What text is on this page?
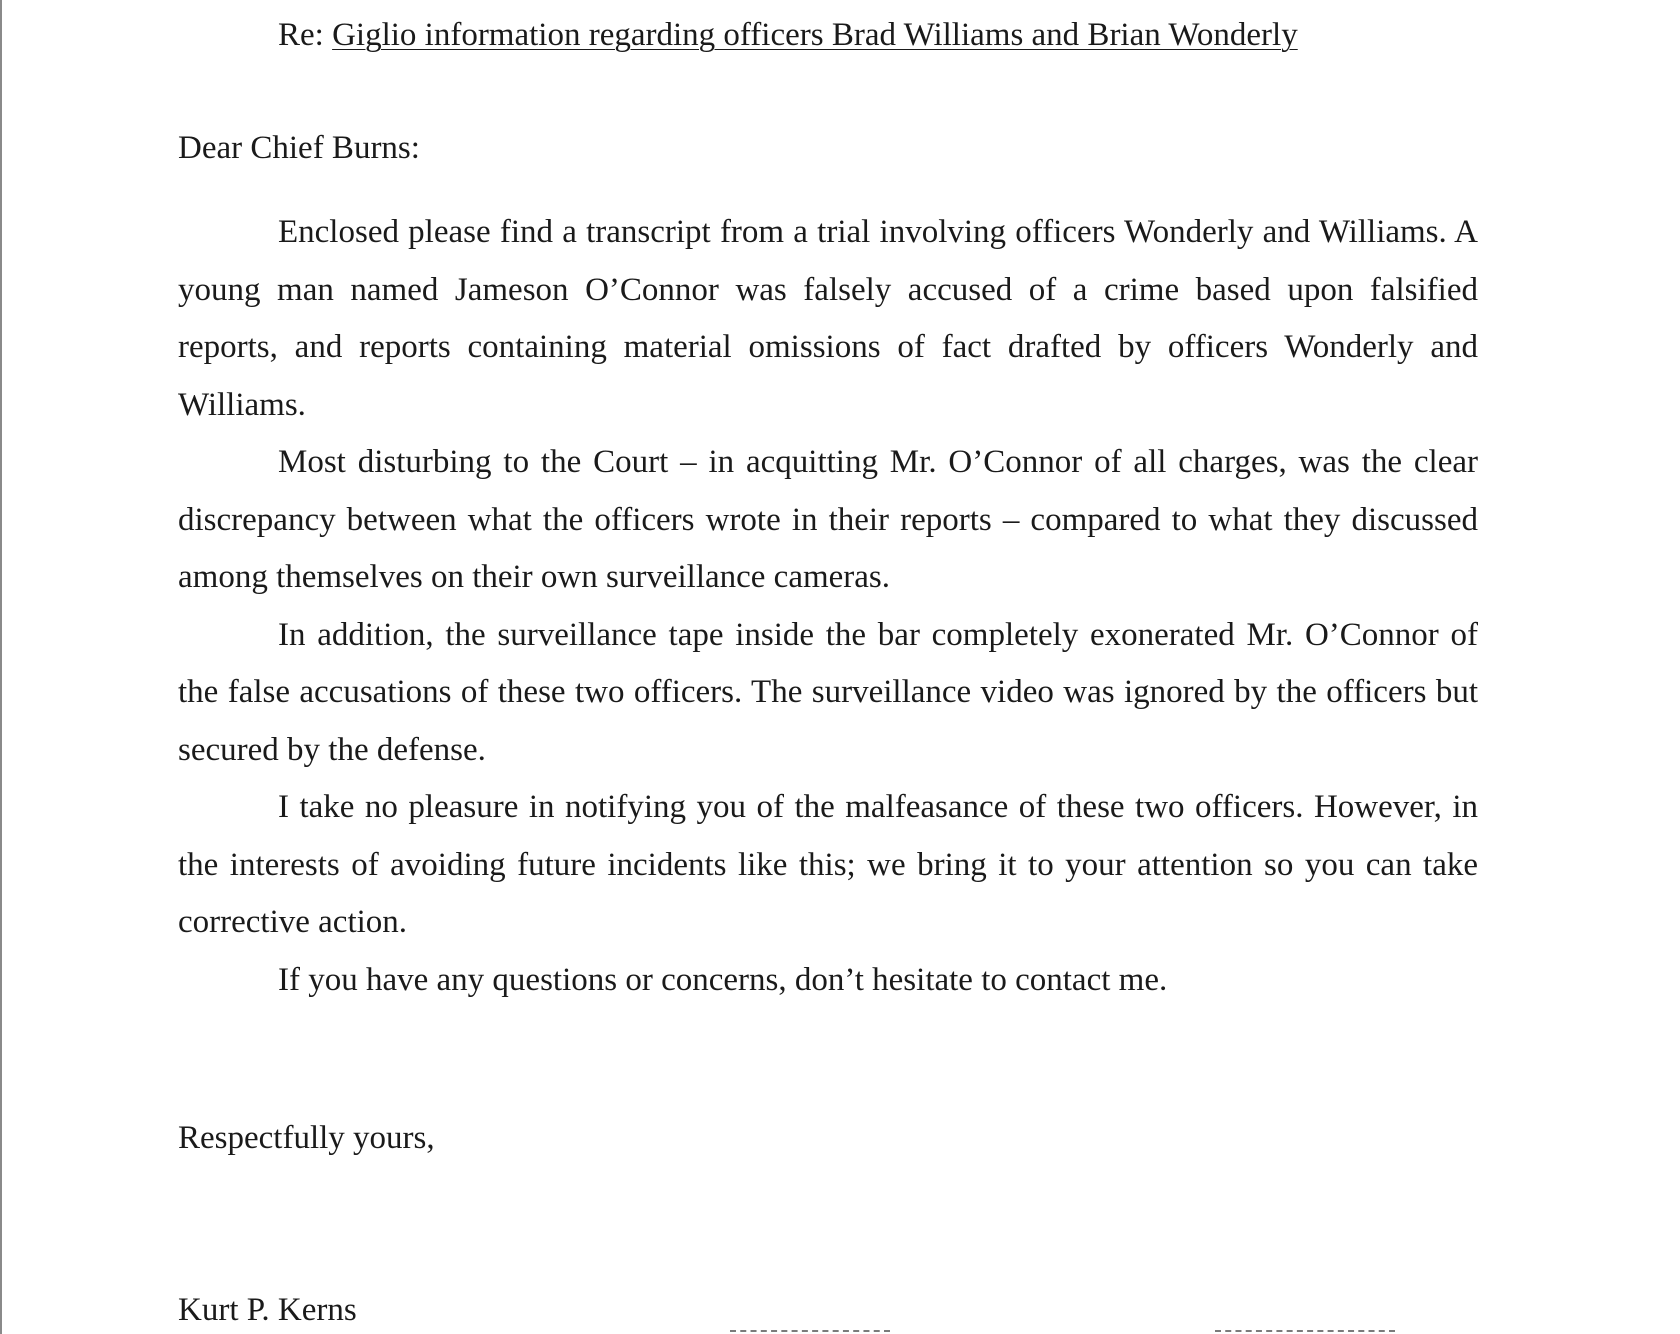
Re: Giglio information regarding officers Brad Williams and Brian Wonderly
Dear Chief Burns:

Enclosed please find a transcript from a trial involving officers Wonderly and Williams. A young man named Jameson O’Connor was falsely accused of a crime based upon falsified reports, and reports containing material omissions of fact drafted by officers Wonderly and Williams.

Most disturbing to the Court – in acquitting Mr. O’Connor of all charges, was the clear discrepancy between what the officers wrote in their reports – compared to what they discussed among themselves on their own surveillance cameras.

In addition, the surveillance tape inside the bar completely exonerated Mr. O’Connor of the false accusations of these two officers. The surveillance video was ignored by the officers but secured by the defense.

I take no pleasure in notifying you of the malfeasance of these two officers. However, in the interests of avoiding future incidents like this; we bring it to your attention so you can take corrective action.

If you have any questions or concerns, don’t hesitate to contact me.

Respectfully yours,
Kurt P. Kerns
